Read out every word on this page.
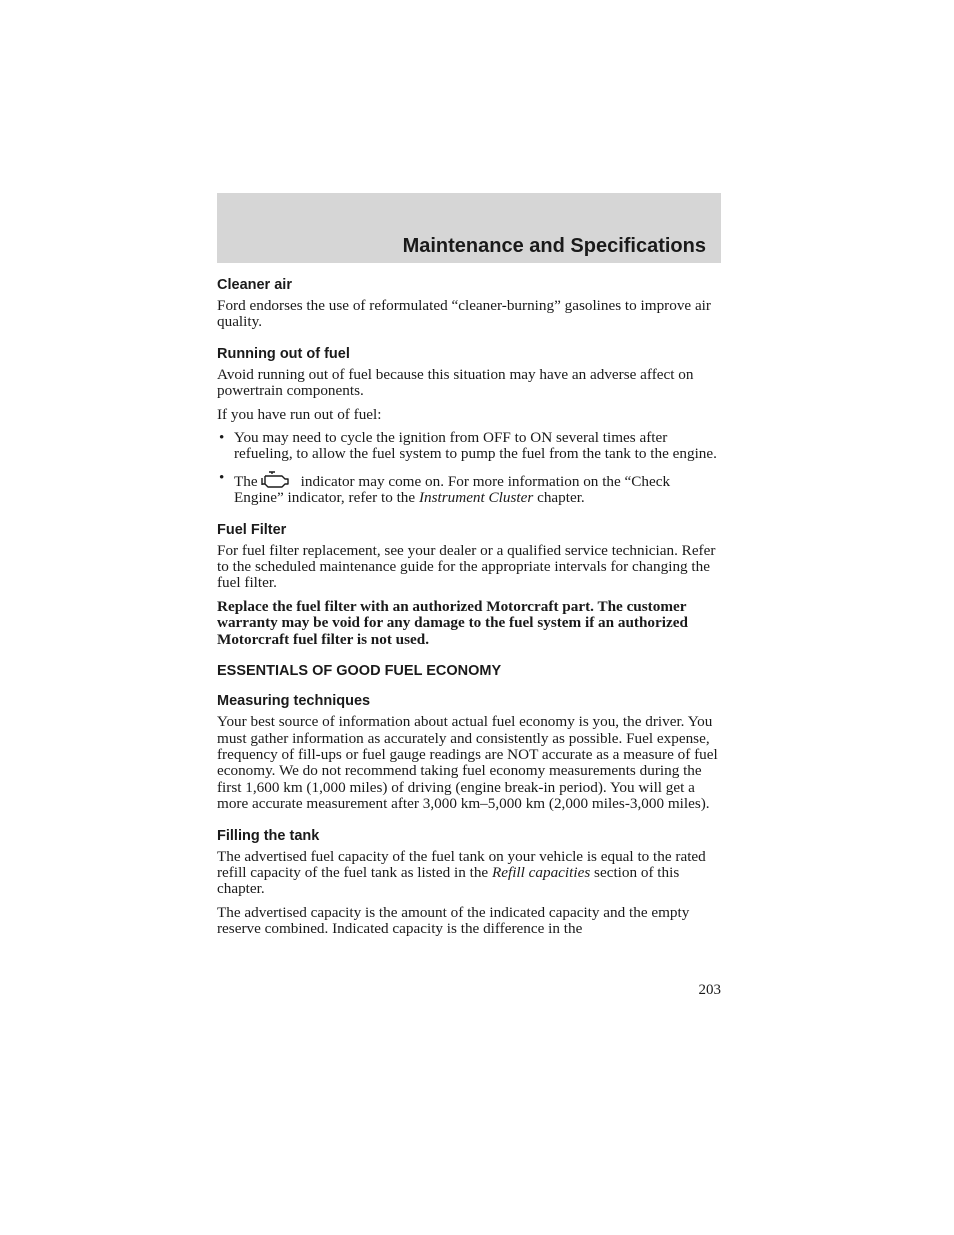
Maintenance and Specifications
Cleaner air

Ford endorses the use of reformulated “cleaner-burning” gasolines to improve air quality.

Running out of fuel

Avoid running out of fuel because this situation may have an adverse affect on powertrain components.

If you have run out of fuel:

• You may need to cycle the ignition from OFF to ON several times after refueling, to allow the fuel system to pump the fuel from the tank to the engine.
• The	indicator may come on. For more information on the “Check Engine” indicator, refer to the Instrument Cluster chapter.
Fuel Filter

For fuel filter replacement, see your dealer or a qualified service technician. Refer to the scheduled maintenance guide for the appropriate intervals for changing the fuel filter.

Replace the fuel filter with an authorized Motorcraft part. The customer warranty may be void for any damage to the fuel system if an authorized Motorcraft fuel filter is not used.

ESSENTIALS OF GOOD FUEL ECONOMY
Measuring techniques

Your best source of information about actual fuel economy is you, the driver. You must gather information as accurately and consistently as possible. Fuel expense, frequency of fill-ups or fuel gauge readings are NOT accurate as a measure of fuel economy. We do not recommend taking fuel economy measurements during the first 1,600 km (1,000 miles) of driving (engine break-in period). You will get a more accurate measurement after 3,000 km–5,000 km (2,000 miles-3,000 miles).

Filling the tank

The advertised fuel capacity of the fuel tank on your vehicle is equal to the rated refill capacity of the fuel tank as listed in the Refill capacities section of this chapter.

The advertised capacity is the amount of the indicated capacity and the empty reserve combined. Indicated capacity is the difference in the

203
